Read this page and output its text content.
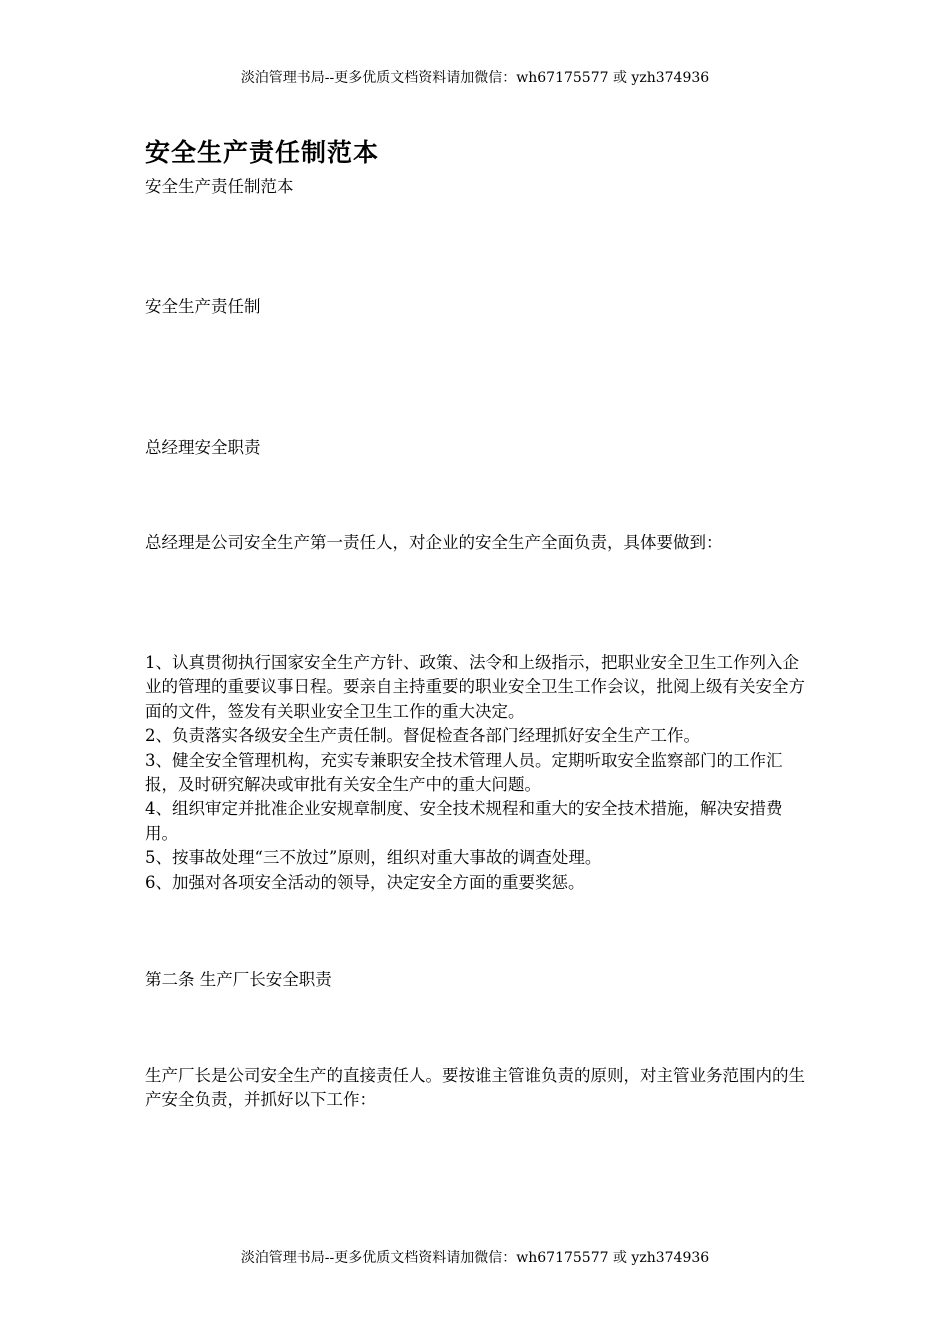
淡泊管理书局--更多优质文档资料请加微信：wh67175577 或 yzh374936
安全生产责任制范本
安全生产责任制范本
安全生产责任制
总经理安全职责
总经理是公司安全生产第一责任人，对企业的安全生产全面负责，具体要做到：
1、认真贯彻执行国家安全生产方针、政策、法令和上级指示，把职业安全卫生工作列入企业的管理的重要议事日程。要亲自主持重要的职业安全卫生工作会议，批阅上级有关安全方面的文件，签发有关职业安全卫生工作的重大决定。
2、负责落实各级安全生产责任制。督促检查各部门经理抓好安全生产工作。
3、健全安全管理机构，充实专兼职安全技术管理人员。定期听取安全监察部门的工作汇报，及时研究解决或审批有关安全生产中的重大问题。
4、组织审定并批准企业安规章制度、安全技术规程和重大的安全技术措施，解决安措费用。
5、按事故处理“三不放过”原则，组织对重大事故的调查处理。
6、加强对各项安全活动的领导，决定安全方面的重要奖惩。
第二条 生产厂长安全职责
生产厂长是公司安全生产的直接责任人。要按谁主管谁负责的原则，对主管业务范围内的生产安全负责，并抓好以下工作：
淡泊管理书局--更多优质文档资料请加微信：wh67175577 或 yzh374936
